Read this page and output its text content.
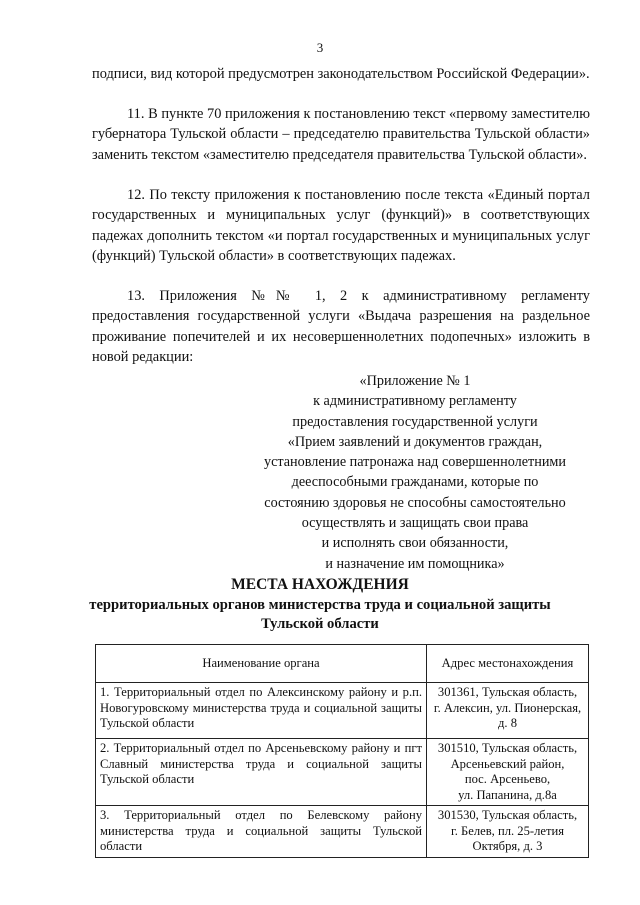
3

подписи, вид которой предусмотрен законодательством Российской Федерации».

11. В пункте 70 приложения к постановлению текст «первому заместителю губернатора Тульской области – председателю правительства Тульской области» заменить текстом «заместителю председателя правительства Тульской области».

12. По тексту приложения к постановлению после текста «Единый портал государственных и муниципальных услуг (функций)» в соответствующих падежах дополнить текстом «и портал государственных и муниципальных услуг (функций) Тульской области» в соответствующих падежах.

13. Приложения №№ 1, 2 к административному регламенту предоставления государственной услуги «Выдача разрешения на раздельное проживание попечителей и их несовершеннолетних подопечных» изложить в новой редакции:

«Приложение № 1
к административному регламенту
предоставления государственной услуги
«Прием заявлений и документов граждан,
установление патронажа над совершеннолетними
дееспособными гражданами, которые по
состоянию здоровья не способны самостоятельно
осуществлять и защищать свои права
и исполнять свои обязанности,
и назначение им помощника»
МЕСТА НАХОЖДЕНИЯ
территориальных органов министерства труда и социальной защиты
Тульской области
Наименование органа	Адрес местонахождения
1. Территориальный отдел по Алексинскому району и р.п. Новогуровскому министерства труда и социальной защиты Тульской области	301361, Тульская область,
г. Алексин, ул. Пионерская,
д. 8

2. Территориальный отдел по Арсеньевскому району и пгт Славный министерства труда и социальной защиты Тульской области	301510, Тульская область,
Арсеньевский район,
пос. Арсеньево,
ул. Папанина, д.8а

3. Территориальный отдел по Белевскому району министерства труда и социальной защиты Тульской области	301530, Тульская область,
г. Белев, пл. 25-летия
Октября, д. 3
